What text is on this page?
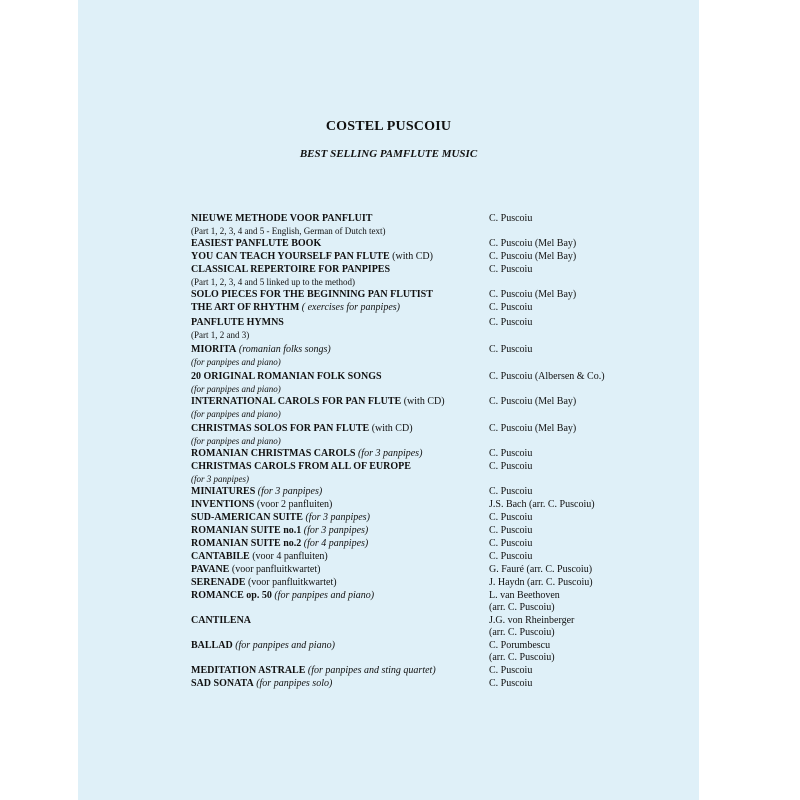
COSTEL PUSCOIU
BEST SELLING PAMFLUTE MUSIC
NIEUWE METHODE VOOR PANFLUIT	C. Puscoiu
(Part 1, 2, 3, 4 and 5 - English, German of Dutch text)
EASIEST PANFLUTE BOOK	C. Puscoiu (Mel Bay)
YOU CAN TEACH YOURSELF PAN FLUTE (with CD)	C. Puscoiu (Mel Bay)
CLASSICAL REPERTOIRE FOR PANPIPES	C. Puscoiu
(Part 1, 2, 3, 4 and 5 linked up to the method)
SOLO PIECES FOR THE BEGINNING PAN FLUTIST	C. Puscoiu (Mel Bay)
THE ART OF RHYTHM ( exercises for panpipes)	C. Puscoiu
PANFLUTE HYMNS	C. Puscoiu
(Part 1, 2 and 3)
MIORITA (romanian folks songs)	C. Puscoiu
(for panpipes and piano)
20 ORIGINAL ROMANIAN FOLK SONGS	C. Puscoiu (Albersen & Co.)
(for panpipes and piano)
INTERNATIONAL CAROLS FOR PAN FLUTE (with CD)	C. Puscoiu (Mel Bay)
(for panpipes and piano)
CHRISTMAS SOLOS FOR PAN FLUTE (with CD)	C. Puscoiu (Mel Bay)
(for panpipes and piano)
ROMANIAN CHRISTMAS CAROLS (for 3 panpipes)	C. Puscoiu
CHRISTMAS CAROLS FROM ALL OF EUROPE	C. Puscoiu
(for 3 panpipes)
MINIATURES (for 3 panpipes)	C. Puscoiu
INVENTIONS (voor 2 panfluiten)	J.S. Bach (arr. C. Puscoiu)
SUD-AMERICAN SUITE (for 3 panpipes)	C. Puscoiu
ROMANIAN SUITE no.1 (for 3 panpipes)	C. Puscoiu
ROMANIAN SUITE no.2 (for 4 panpipes)	C. Puscoiu
CANTABILE (voor 4 panfluiten)	C. Puscoiu
PAVANE (voor panfluitkwartet)	G. Fauré (arr. C. Puscoiu)
SERENADE (voor panfluitkwartet)	J. Haydn (arr. C. Puscoiu)
ROMANCE op. 50 (for panpipes and piano)	L. van Beethoven
(arr. C. Puscoiu)
CANTILENA	J.G. von Rheinberger
(arr. C. Puscoiu)
BALLAD (for panpipes and piano)	C. Porumbescu
(arr. C. Puscoiu)
MEDITATION ASTRALE (for panpipes and sting quartet)	C. Puscoiu
SAD SONATA (for panpipes solo)	C. Puscoiu
